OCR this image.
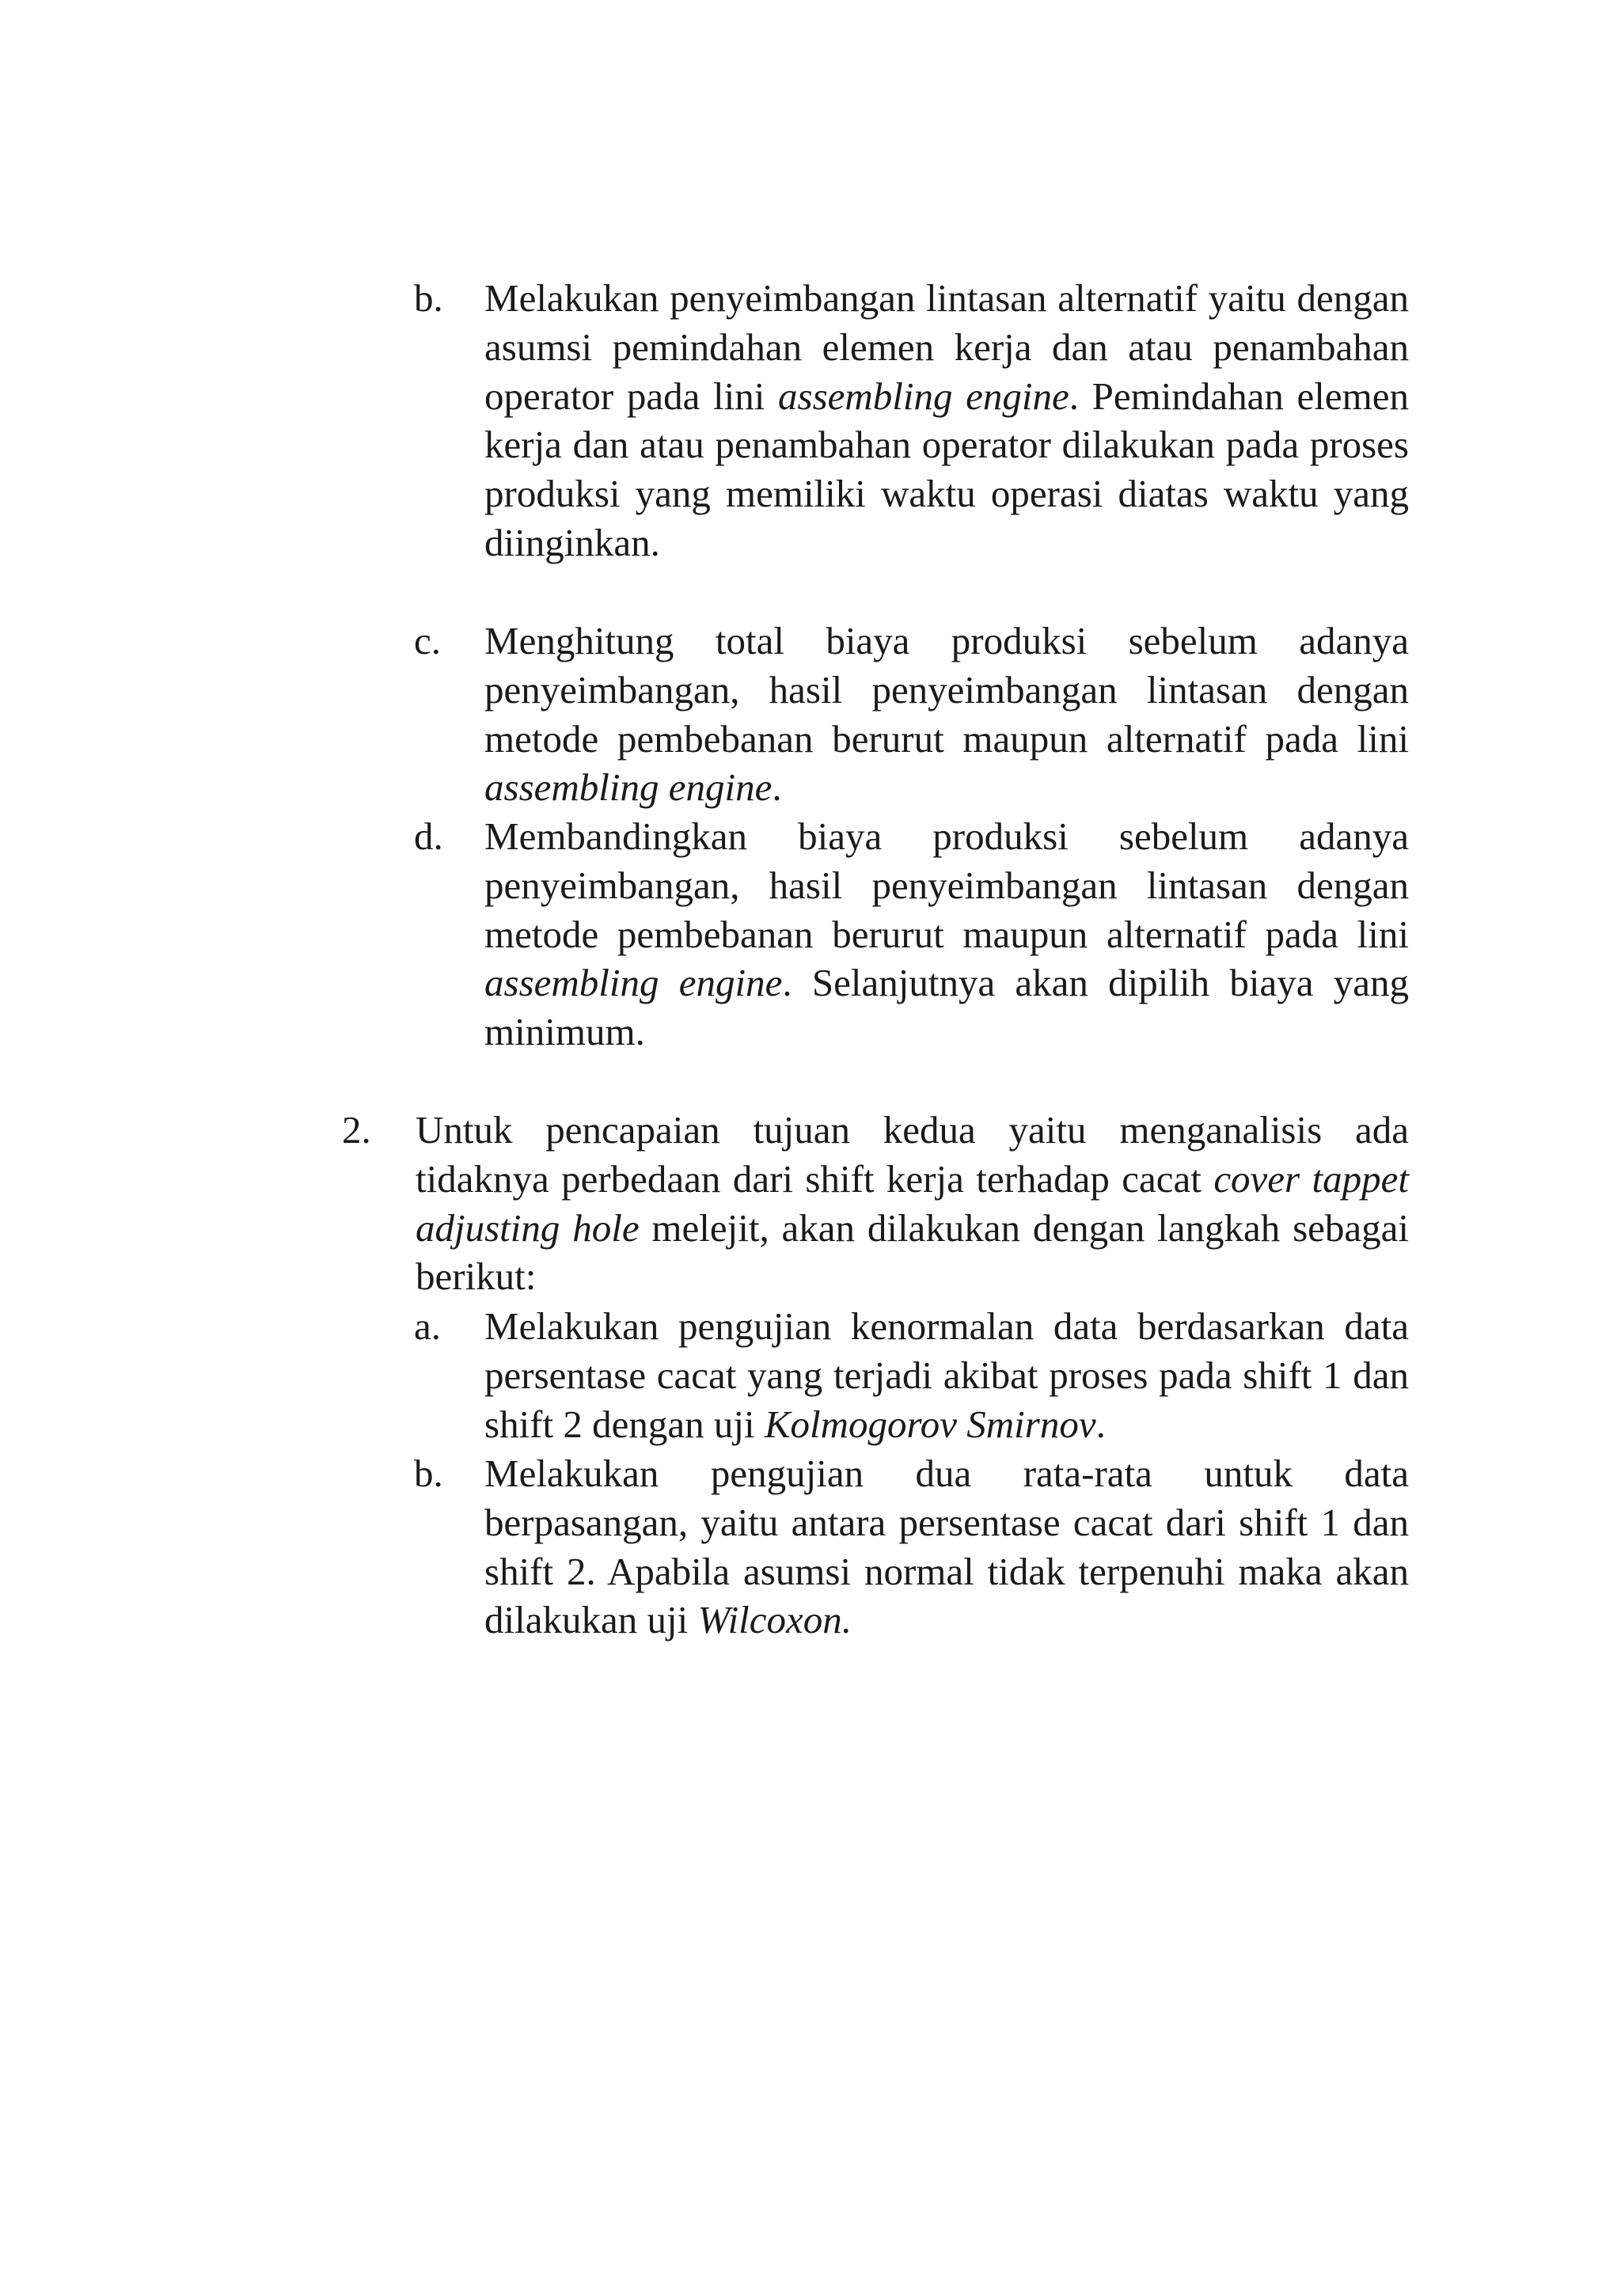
b. Melakukan penyeimbangan lintasan alternatif yaitu dengan asumsi pemindahan elemen kerja dan atau penambahan operator pada lini assembling engine. Pemindahan elemen kerja dan atau penambahan operator dilakukan pada proses produksi yang memiliki waktu operasi diatas waktu yang diinginkan.
c. Menghitung total biaya produksi sebelum adanya penyeimbangan, hasil penyeimbangan lintasan dengan metode pembebanan berurut maupun alternatif pada lini assembling engine.
d. Membandingkan biaya produksi sebelum adanya penyeimbangan, hasil penyeimbangan lintasan dengan metode pembebanan berurut maupun alternatif pada lini assembling engine. Selanjutnya akan dipilih biaya yang minimum.
2. Untuk pencapaian tujuan kedua yaitu menganalisis ada tidaknya perbedaan dari shift kerja terhadap cacat cover tappet adjusting hole melejit, akan dilakukan dengan langkah sebagai berikut:
a. Melakukan pengujian kenormalan data berdasarkan data persentase cacat yang terjadi akibat proses pada shift 1 dan shift 2 dengan uji Kolmogorov Smirnov.
b. Melakukan pengujian dua rata-rata untuk data berpasangan, yaitu antara persentase cacat dari shift 1 dan shift 2. Apabila asumsi normal tidak terpenuhi maka akan dilakukan uji Wilcoxon.
